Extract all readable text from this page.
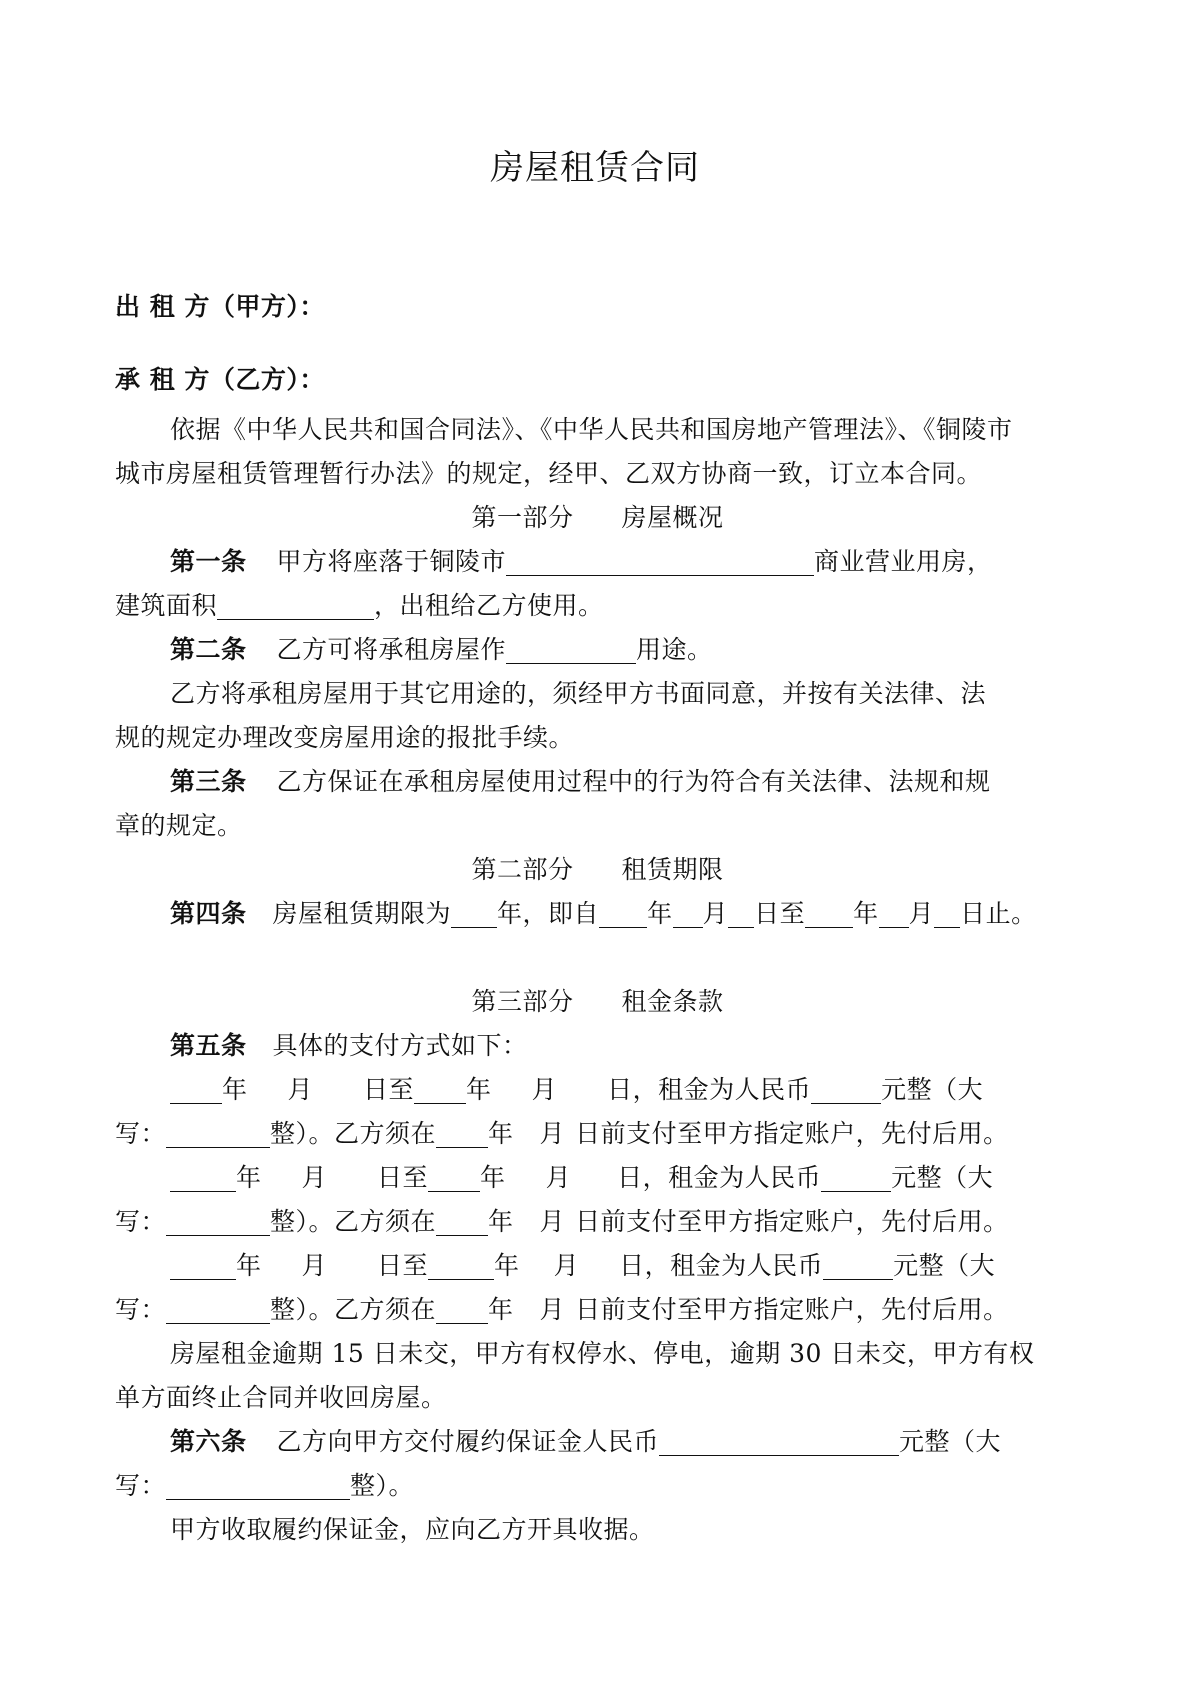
房屋租赁合同
出 租 方（甲方）：
承 租 方（乙方）：
依据《中华人民共和国合同法》、《中华人民共和国房地产管理法》、《铜陵市
城市房屋租赁管理暂行办法》的规定，经甲、乙双方协商一致，订立本合同。
第一部分 房屋概况
第一条 甲方将座落于铜陵市	商业营业用房，
建筑面积	，出租给乙方使用。
第二条 乙方可将承租房屋作	用途。
乙方将承租房屋用于其它用途的，须经甲方书面同意，并按有关法律、法
规的规定办理改变房屋用途的报批手续。
第三条 乙方保证在承租房屋使用过程中的行为符合有关法律、法规和规
章的规定。
第二部分 租赁期限
第四条 房屋租赁期限为 年，即自 年 月 日至 年 月 日止。
第三部分 租金条款
第五条 具体的支付方式如下：
年 月 日至 年 月 日，租金为人民币	元整（大
写：	整）。乙方须在 年 月 日前支付至甲方指定账户，先付后用。
年 月 日至 年 月 日，租金为人民币	元整（大
写：	整）。乙方须在 年 月 日前支付至甲方指定账户，先付后用。
年 月 日至	年 月 日，租金为人民币	元整（大
写：	整）。乙方须在 年 月 日前支付至甲方指定账户，先付后用。
房屋租金逾期 15 日未交，甲方有权停水、停电，逾期 30 日未交，甲方有权
单方面终止合同并收回房屋。
第六条 乙方向甲方交付履约保证金人民币	元整（大
写：	整）。
甲方收取履约保证金，应向乙方开具收据。
